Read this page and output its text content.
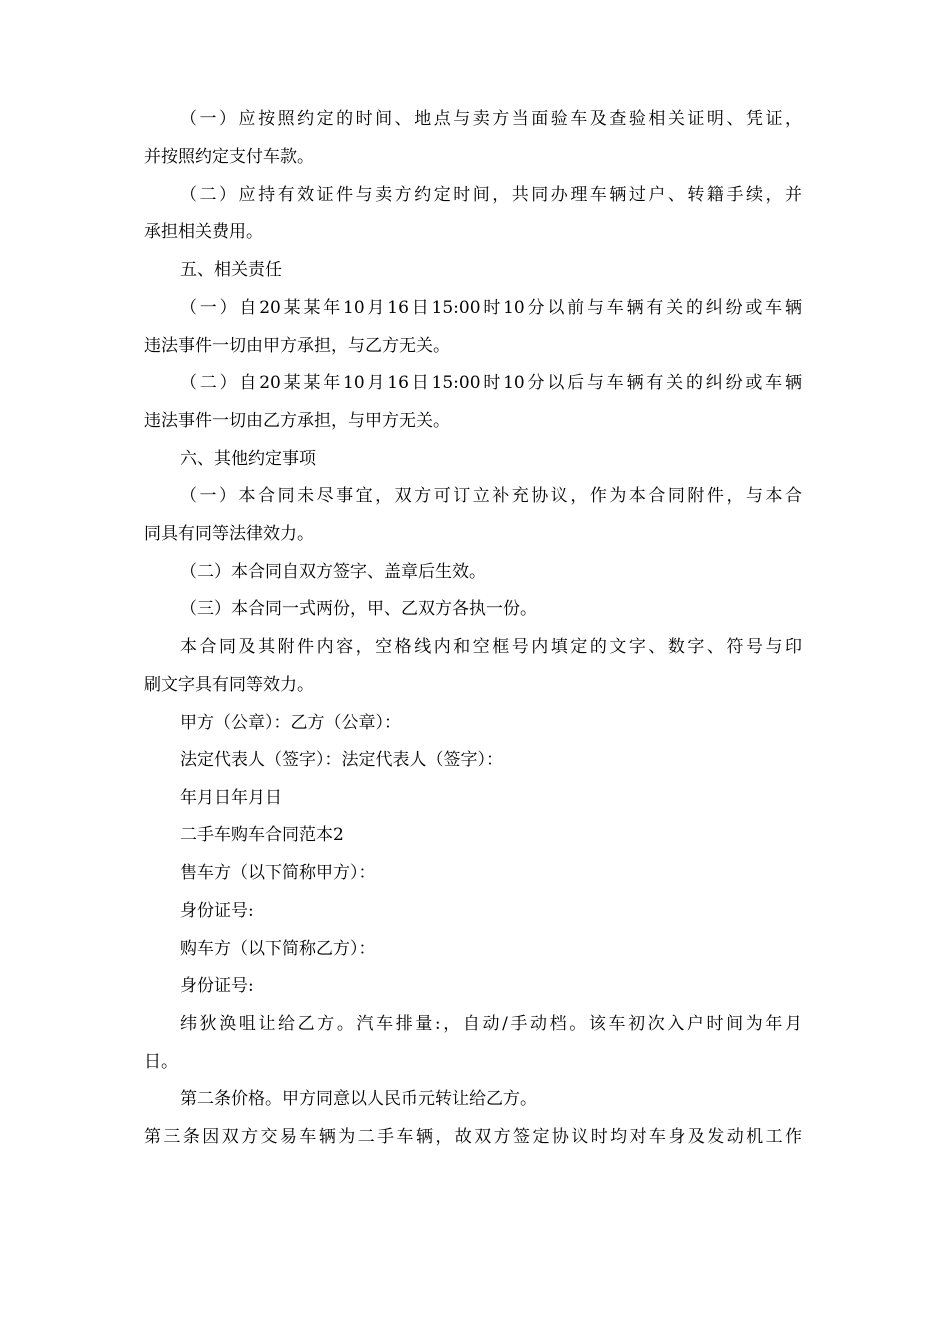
（一）应按照约定的时间、地点与卖方当面验车及查验相关证明、凭证，
并按照约定支付车款。
（二）应持有效证件与卖方约定时间，共同办理车辆过户、转籍手续，并
承担相关费用。
五、相关责任
（一）自20某某年10月16日15:00时10分以前与车辆有关的纠纷或车辆
违法事件一切由甲方承担，与乙方无关。
（二）自20某某年10月16日15:00时10分以后与车辆有关的纠纷或车辆
违法事件一切由乙方承担，与甲方无关。
六、其他约定事项
（一）本合同未尽事宜，双方可订立补充协议，作为本合同附件，与本合
同具有同等法律效力。
（二）本合同自双方签字、盖章后生效。
（三）本合同一式两份，甲、乙双方各执一份。
本合同及其附件内容，空格线内和空框号内填定的文字、数字、符号与印
刷文字具有同等效力。
甲方（公章）：乙方（公章）：
法定代表人（签字）：法定代表人（签字）：
年月日年月日
二手车购车合同范本2
售车方（以下简称甲方）：
身份证号:
购车方（以下简称乙方）：
身份证号:
纬狄涣咀让给乙方。汽车排量:，自动/手动档。该车初次入户时间为年月
日。
第二条价格。甲方同意以人民币元转让给乙方。
第三条因双方交易车辆为二手车辆，故双方签定协议时均对车身及发动机工作
